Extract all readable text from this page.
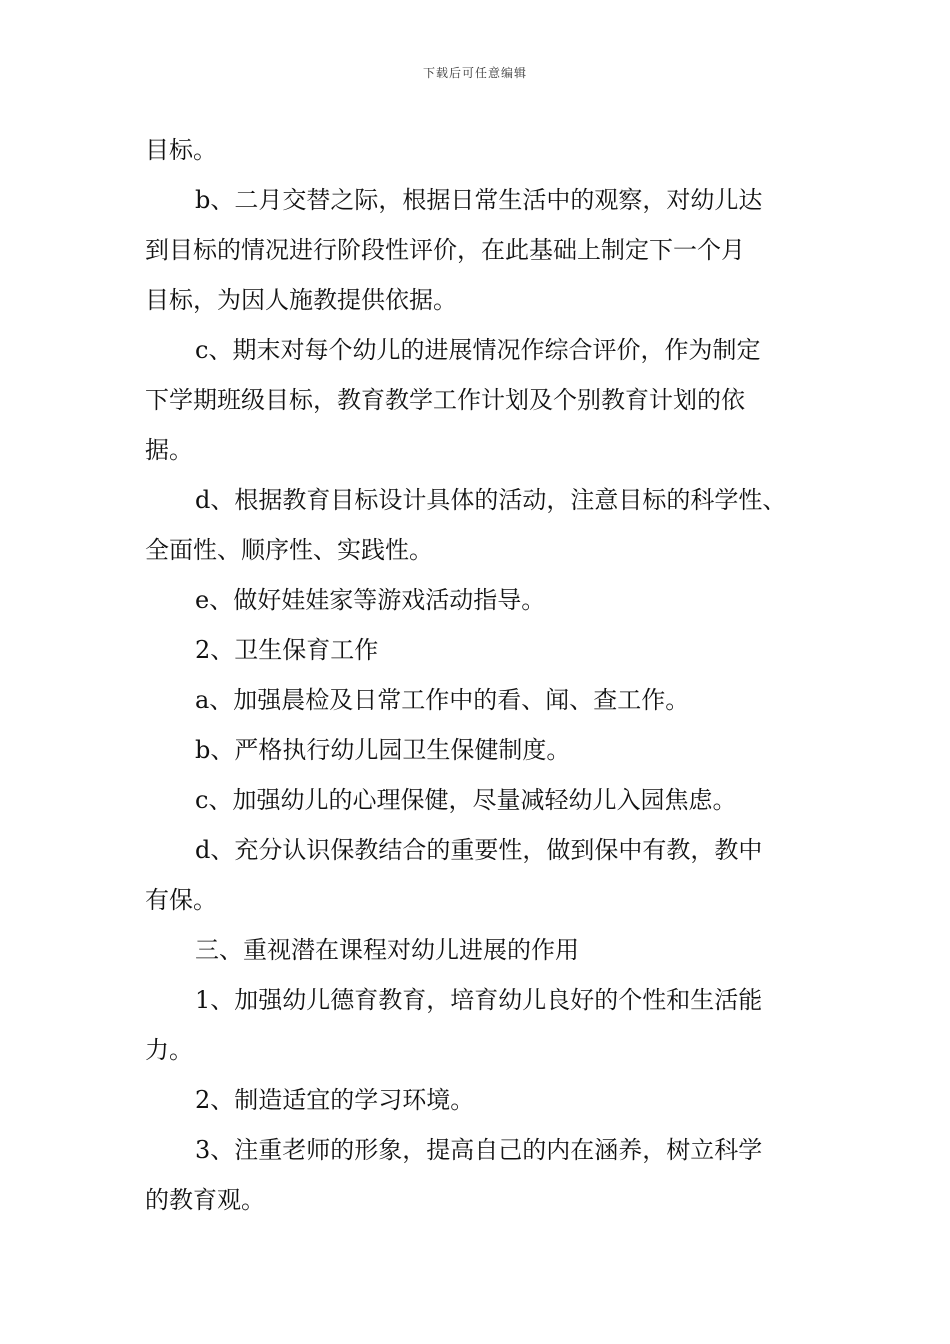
下载后可任意编辑
目标。
b、二月交替之际，根据日常生活中的观察，对幼儿达
到目标的情况进行阶段性评价，在此基础上制定下一个月
目标，为因人施教提供依据。
c、期末对每个幼儿的进展情况作综合评价，作为制定
下学期班级目标，教育教学工作计划及个别教育计划的依
据。
d、根据教育目标设计具体的活动，注意目标的科学性、
全面性、顺序性、实践性。
e、做好娃娃家等游戏活动指导。
2、卫生保育工作
a、加强晨检及日常工作中的看、闻、查工作。
b、严格执行幼儿园卫生保健制度。
c、加强幼儿的心理保健，尽量减轻幼儿入园焦虑。
d、充分认识保教结合的重要性，做到保中有教，教中
有保。
三、重视潜在课程对幼儿进展的作用
1、加强幼儿德育教育，培育幼儿良好的个性和生活能
力。
2、制造适宜的学习环境。
3、注重老师的形象，提高自己的内在涵养，树立科学
的教育观。
